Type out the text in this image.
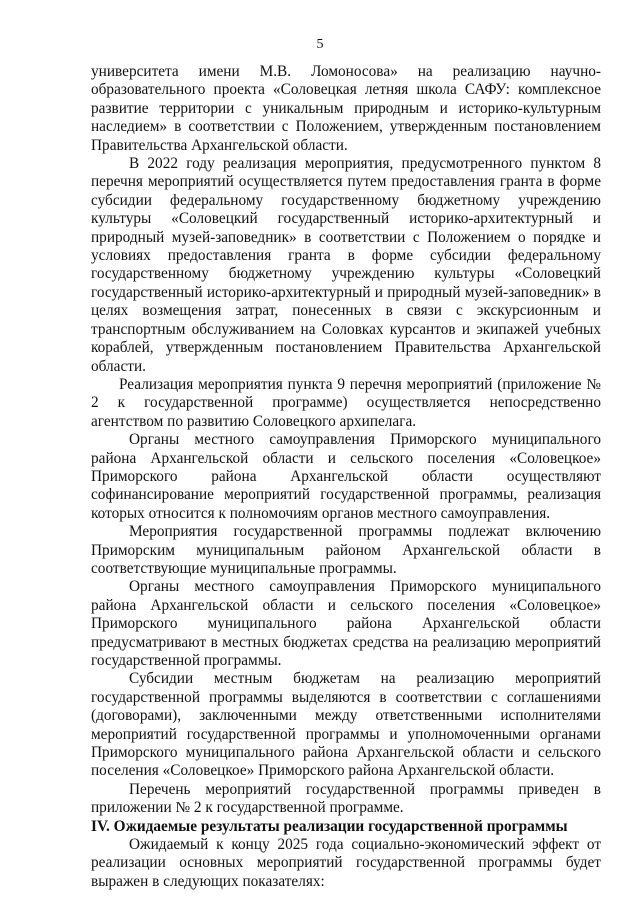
5

университета имени М.В. Ломоносова» на реализацию научно-образовательного проекта «Соловецкая летняя школа САФУ: комплексное развитие территории с уникальным природным и историко-культурным наследием» в соответствии с Положением, утвержденным постановлением Правительства Архангельской области.

В 2022 году реализация мероприятия, предусмотренного пунктом 8 перечня мероприятий осуществляется путем предоставления гранта в форме субсидии федеральному государственному бюджетному учреждению культуры «Соловецкий государственный историко-архитектурный и природный музей-заповедник» в соответствии с Положением о порядке и условиях предоставления гранта в форме субсидии федеральному государственному бюджетному учреждению культуры «Соловецкий государственный историко-архитектурный и природный музей-заповедник» в целях возмещения затрат, понесенных в связи с экскурсионным и транспортным обслуживанием на Соловках курсантов и экипажей учебных кораблей, утвержденным постановлением Правительства Архангельской области.

Реализация мероприятия пункта 9 перечня мероприятий (приложение № 2 к государственной программе) осуществляется непосредственно агентством по развитию Соловецкого архипелага.

Органы местного самоуправления Приморского муниципального района Архангельской области и сельского поселения «Соловецкое» Приморского района Архангельской области осуществляют софинансирование мероприятий государственной программы, реализация которых относится к полномочиям органов местного самоуправления.

Мероприятия государственной программы подлежат включению Приморским муниципальным районом Архангельской области в соответствующие муниципальные программы.

Органы местного самоуправления Приморского муниципального района Архангельской области и сельского поселения «Соловецкое» Приморского муниципального района Архангельской области предусматривают в местных бюджетах средства на реализацию мероприятий государственной программы.

Субсидии местным бюджетам на реализацию мероприятий государственной программы выделяются в соответствии с соглашениями (договорами), заключенными между ответственными исполнителями мероприятий государственной программы и уполномоченными органами Приморского муниципального района Архангельской области и сельского поселения «Соловецкое» Приморского района Архангельской области.

Перечень мероприятий государственной программы приведен в приложении № 2 к государственной программе.

IV. Ожидаемые результаты реализации государственной программы

Ожидаемый к концу 2025 года социально-экономический эффект от реализации основных мероприятий государственной программы будет выражен в следующих показателях:
